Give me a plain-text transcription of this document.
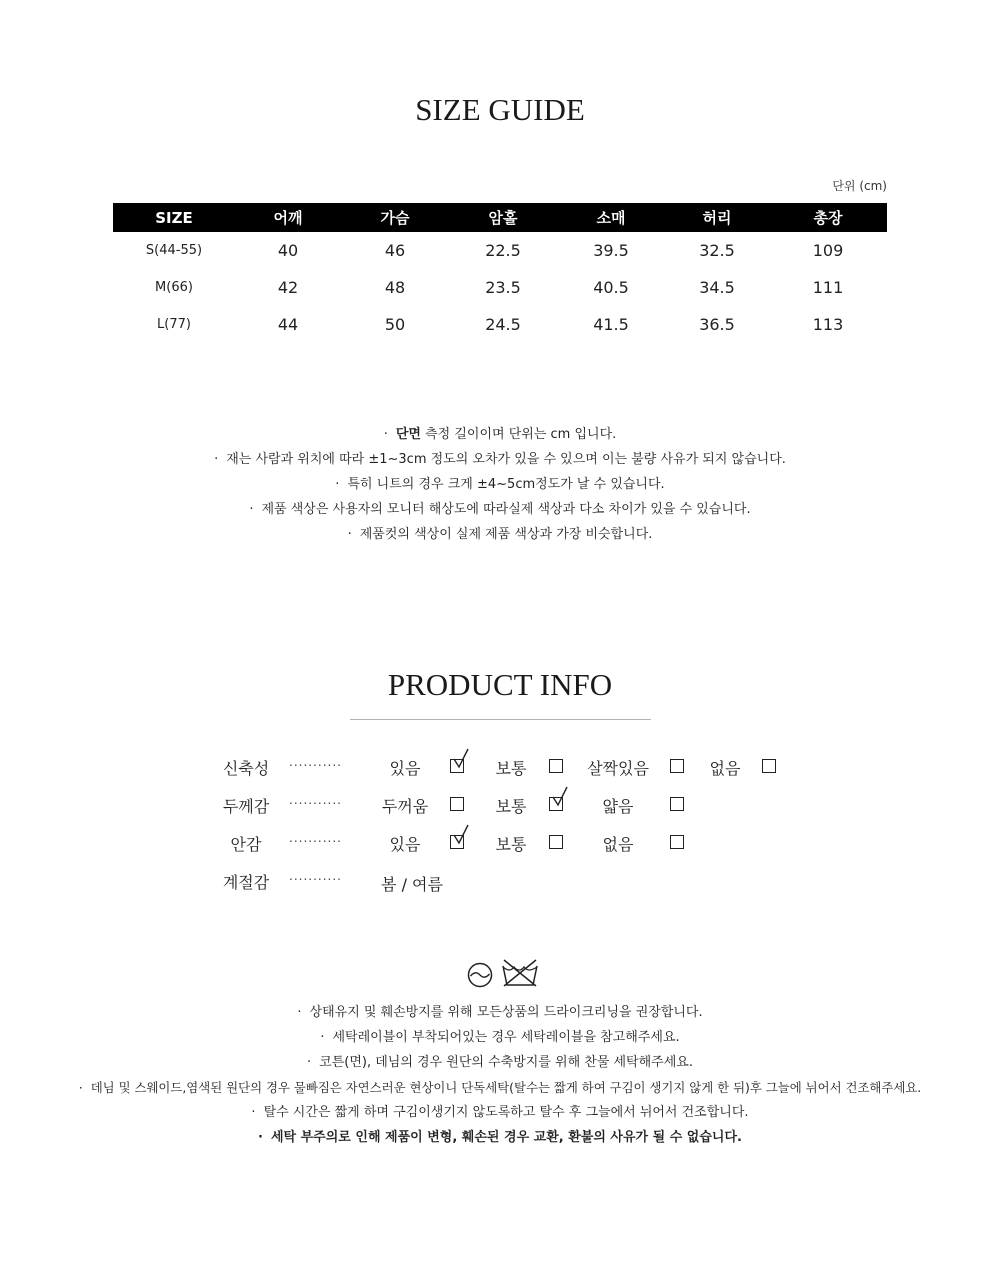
SIZE GUIDE
단위 (cm)
SIZE	어깨	가슴	암홀	소매	허리	총장
S(44-55)	40	46	22.5	39.5	32.5	109
M(66)	42	48	23.5	40.5	34.5	111
L(77)	44	50	24.5	41.5	36.5	113
· 단면 측정 길이이며 단위는 cm 입니다.
· 재는 사람과 위치에 따라 ±1~3cm 정도의 오차가 있을 수 있으며 이는 불량 사유가 되지 않습니다.
· 특히 니트의 경우 크게 ±4~5cm정도가 날 수 있습니다.
· 제품 색상은 사용자의 모니터 해상도에 따라실제 색상과 다소 차이가 있을 수 있습니다.
· 제품컷의 색상이 실제 제품 색상과 가장 비슷합니다.
PRODUCT INFO
신축성	...........	있음	보통	살짝있음	없음
두께감	...........	두꺼움	보통	얇음
안감	...........	있음	보통	없음
계절감	...........	봄 / 여름
· 상태유지 및 훼손방지를 위해 모든상품의 드라이크리닝을 권장합니다.
· 세탁레이블이 부착되어있는 경우 세탁레이블을 참고해주세요.
· 코튼(면), 데님의 경우 원단의 수축방지를 위해 찬물 세탁해주세요.
· 데님 및 스웨이드,염색된 원단의 경우 물빠짐은 자연스러운 현상이니 단독세탁(탈수는 짧게 하여 구김이 생기지 않게 한 뒤)후 그늘에 뉘어서 건조해주세요.
· 탈수 시간은 짧게 하며 구김이생기지 않도록하고 탈수 후 그늘에서 뉘어서 건조합니다.
· 세탁 부주의로 인해 제품이 변형, 훼손된 경우 교환, 환불의 사유가 될 수 없습니다.
